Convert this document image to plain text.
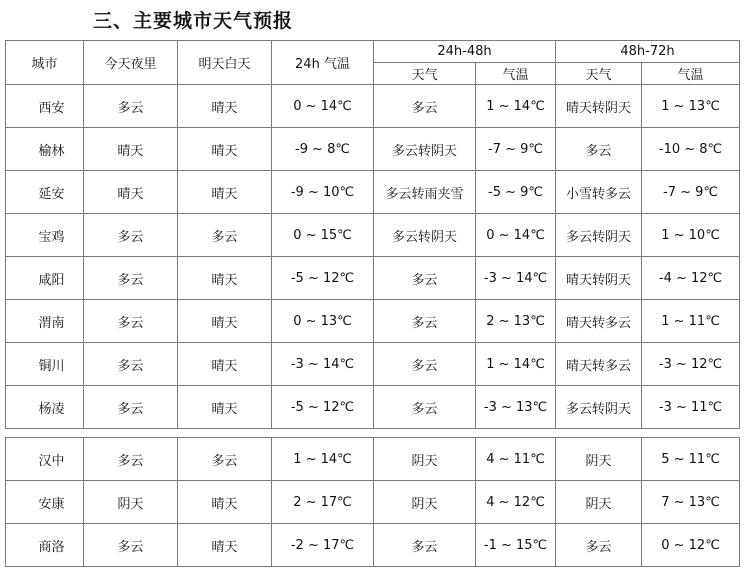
三、主要城市天气预报
城市	今天夜里	明天白天	24h 气温	24h-48h		48h-72h	
				天气	气温	天气	气温
西安	多云	晴天	0 ~ 14℃	多云	1 ~ 14℃	晴天转阴天	1 ~ 13℃
榆林	晴天	晴天	-9 ~ 8℃	多云转阴天	-7 ~ 9℃	多云	-10 ~ 8℃
延安	晴天	晴天	-9 ~ 10℃	多云转雨夹雪	-5 ~ 9℃	小雪转多云	-7 ~ 9℃
宝鸡	多云	多云	0 ~ 15℃	多云转阴天	0 ~ 14℃	多云转阴天	1 ~ 10℃
咸阳	多云	晴天	-5 ~ 12℃	多云	-3 ~ 14℃	晴天转阴天	-4 ~ 12℃
渭南	多云	晴天	0 ~ 13℃	多云	2 ~ 13℃	晴天转多云	1 ~ 11℃
铜川	多云	晴天	-3 ~ 14℃	多云	1 ~ 14℃	晴天转多云	-3 ~ 12℃
杨凌	多云	晴天	-5 ~ 12℃	多云	-3 ~ 13℃	多云转阴天	-3 ~ 11℃

汉中	多云	多云	1 ~ 14℃	阴天	4 ~ 11℃	阴天	5 ~ 11℃
安康	阴天	晴天	2 ~ 17℃	阴天	4 ~ 12℃	阴天	7 ~ 13℃
商洛	多云	晴天	-2 ~ 17℃	多云	-1 ~ 15℃	多云	0 ~ 12℃
